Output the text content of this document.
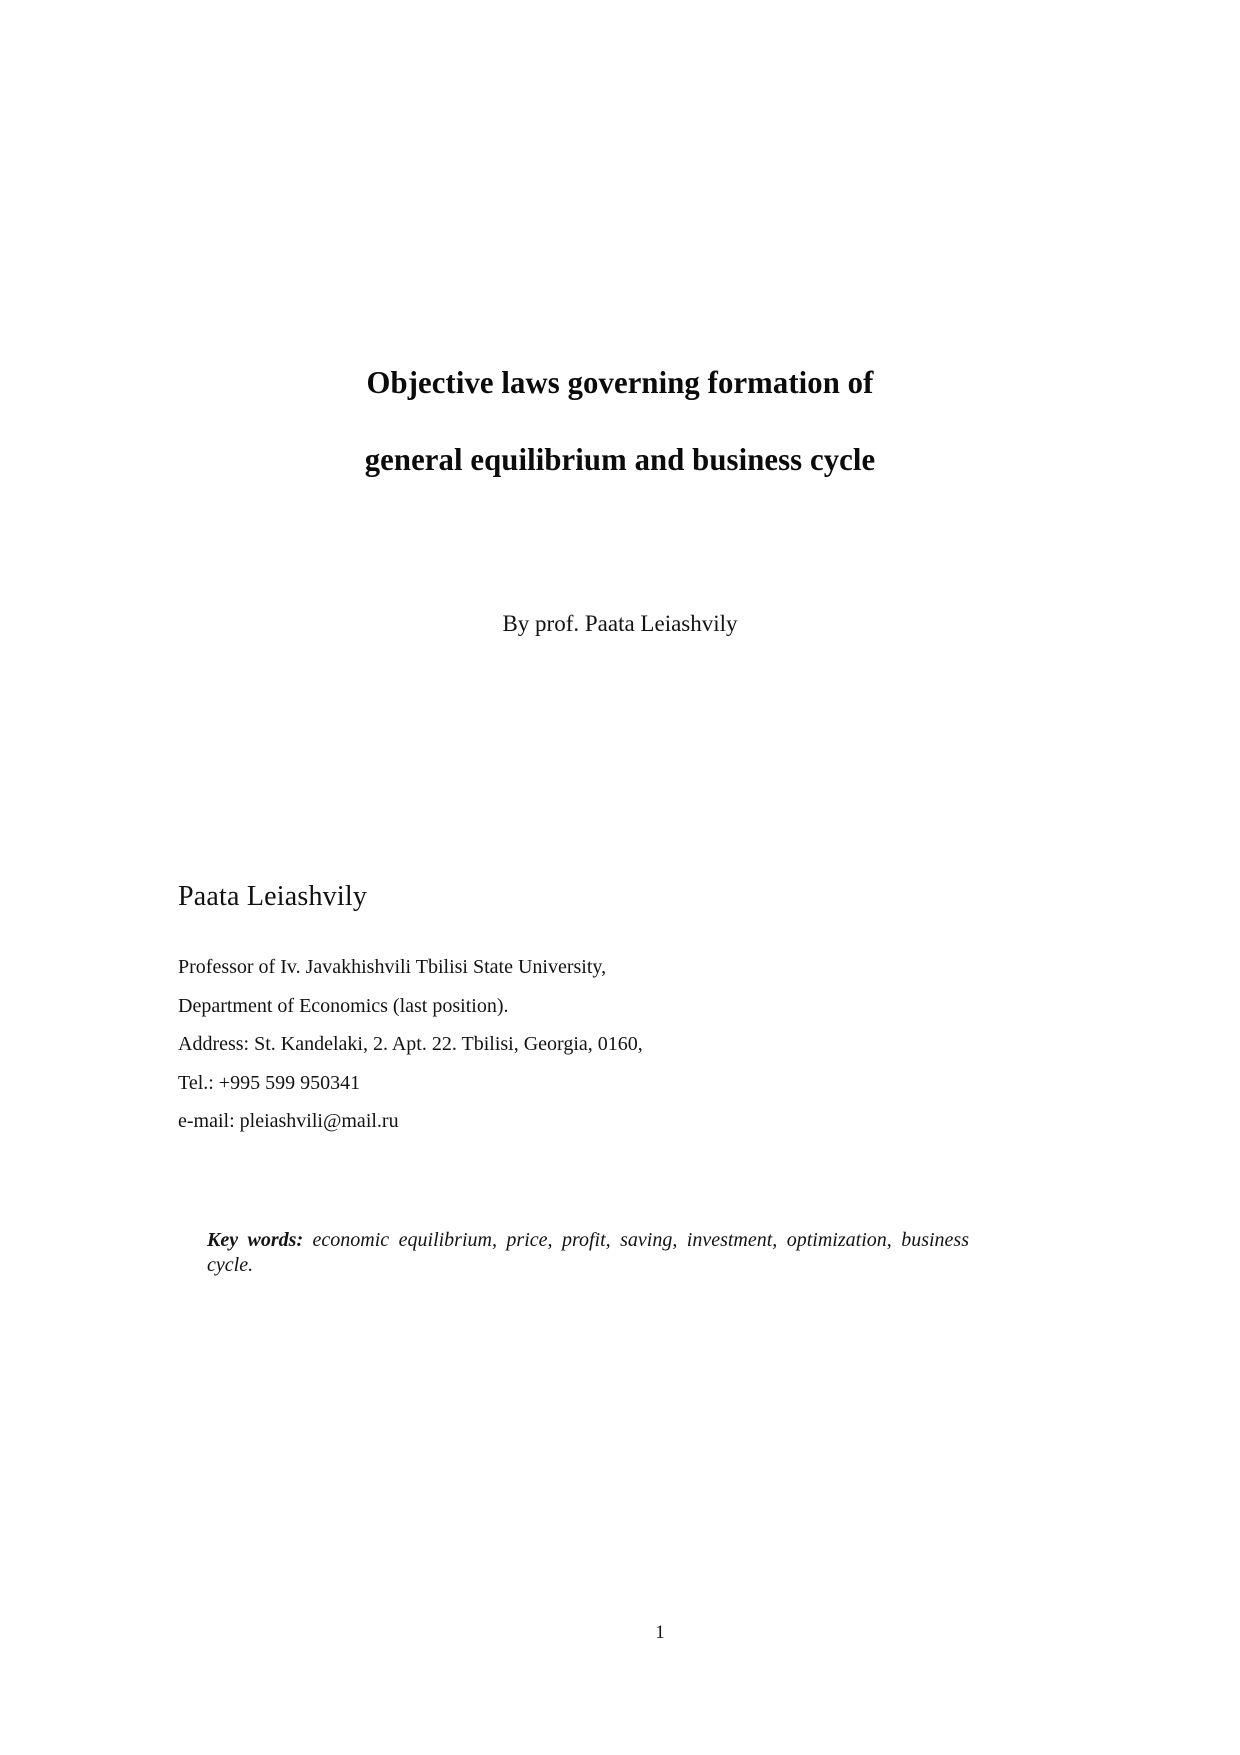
Objective laws governing formation of
general equilibrium and business cycle
By prof. Paata Leiashvily
Paata Leiashvily
Professor of Iv. Javakhishvili Tbilisi State University,
Department of Economics (last position).
Address: St. Kandelaki, 2. Apt. 22. Tbilisi, Georgia, 0160,
Tel.: +995 599 950341
e-mail: pleiashvili@mail.ru
Key words: economic equilibrium, price, profit, saving, investment, optimization, business cycle.
1
